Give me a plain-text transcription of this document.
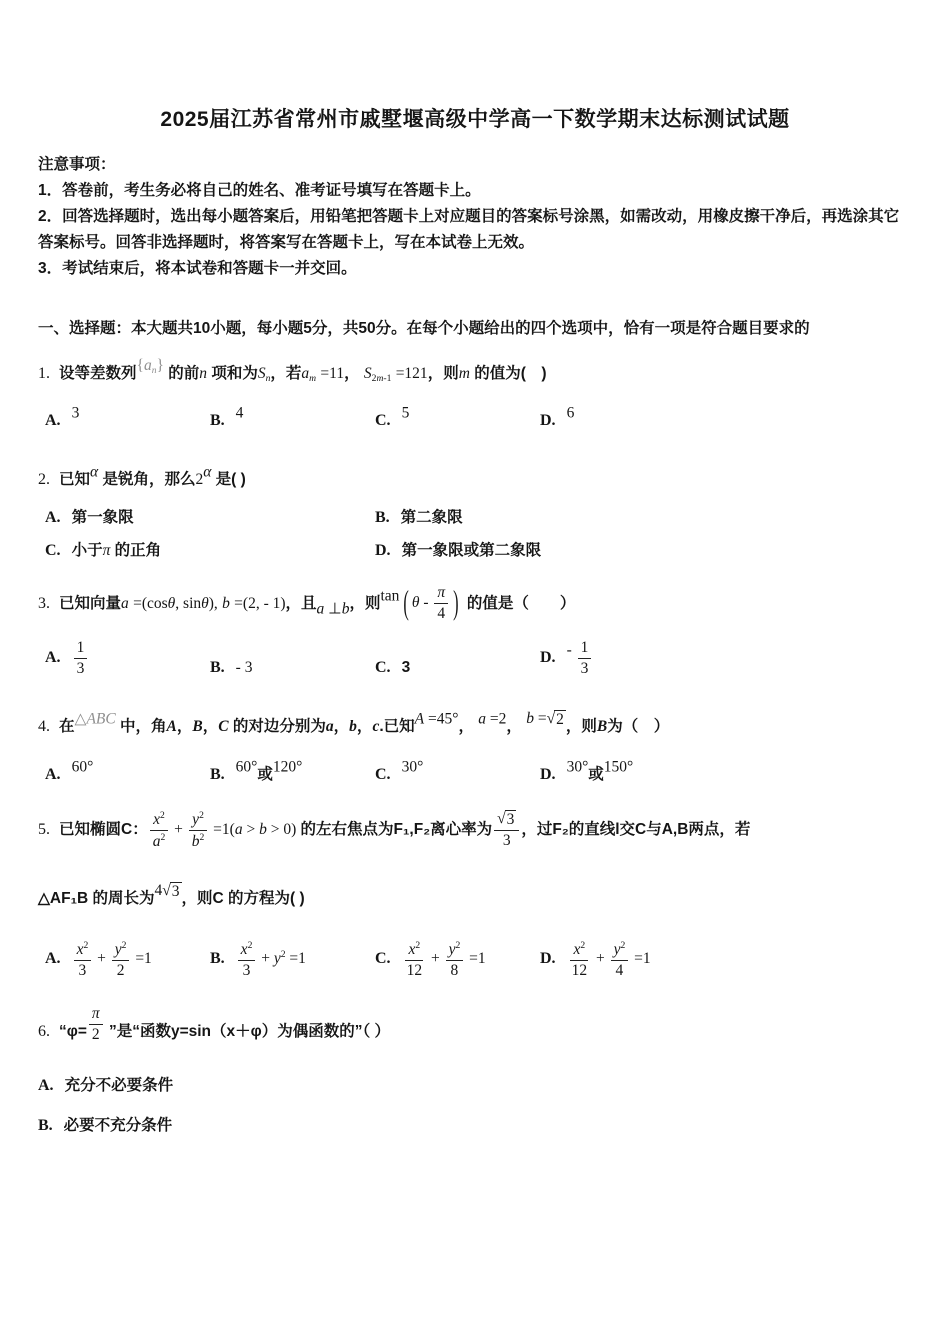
2025届江苏省常州市戚墅堰高级中学高一下数学期末达标测试试题
注意事项：
1．答卷前，考生务必将自己的姓名、准考证号填写在答题卡上。
2．回答选择题时，选出每小题答案后，用铅笔把答题卡上对应题目的答案标号涂黑，如需改动，用橡皮擦干净后，再选涂其它答案标号。回答非选择题时，将答案写在答题卡上，写在本试卷上无效。
3．考试结束后，将本试卷和答题卡一并交回。
一、选择题：本大题共10小题，每小题5分，共50分。在每个小题给出的四个选项中，恰有一项是符合题目要求的
1. 设等差数列{an} 的前n 项和为Sn，若am =11， S2m-1 =121，则m 的值为(　)
A. 3	B. 4	C. 5	D. 6
2. 已知α 是锐角，那么2α 是( )
A. 第一象限	B. 第二象限
C. 小于π 的正角	D. 第一象限或第二象限
3. 已知向量a =(cosθ, sinθ), b =(2, - 1)，且a ⊥b，则tan ( θ - $\frac{\pi}{4}$ ) 的值是（　　）
A. $\frac{1}{3}$	B. - 3	C. 3
D. - $\frac{1}{3}$
4. 在△ABC 中，角A，B，C 的对边分别为a，b，c.已知A =45°， a =2， b = √ 2 ，则B为（　）
A. 60°	B. 60°或120°	C. 30°	D. 30°或150°
5. 已知椭圆C： $\frac{x^2}{a^2} + \frac{y^2}{b^2} =1(a > b > 0)$ 的左右焦点为F₁,F₂离心率为 $\frac{√ 3}{3}$ ，过F₂的直线l交C与A,B两点，若
△AF₁B 的周长为4 √ 3 ，则C 的方程为( )
A. $\frac{x^2}{3} + \frac{y^2}{2} =1$	B. $\frac{x^2}{3} + y^2 =1$	C. $\frac{x^2}{12} + \frac{y^2}{8} =1$	D. $\frac{x^2}{12} + \frac{y^2}{4} =1$
6. “$\varphi= \frac{\pi}{2}$ ”是“函数y=sin（x＋φ）为偶函数的”（ ）
A. 充分不必要条件
B. 必要不充分条件
